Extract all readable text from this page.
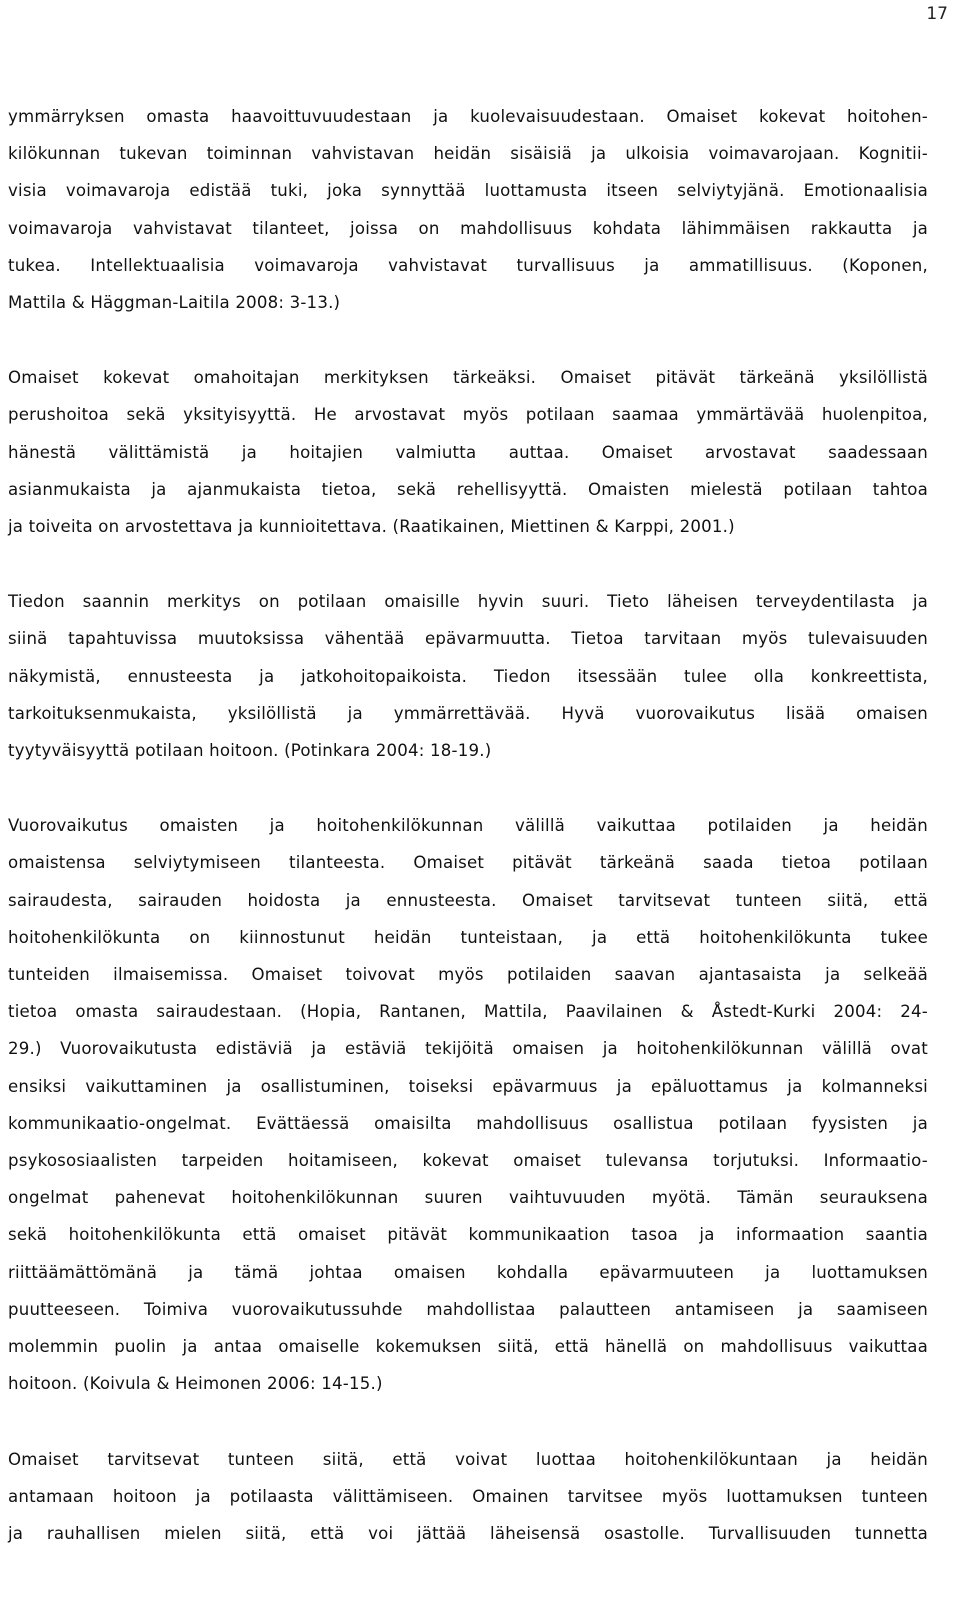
17

ymmärryksen omasta haavoittuvuudestaan ja kuolevaisuudestaan. Omaiset kokevat hoitohen-
kilökunnan tukevan toiminnan vahvistavan heidän sisäisiä ja ulkoisia voimavarojaan. Kognitii-
visia voimavaroja edistää tuki, joka synnyttää luottamusta itseen selviytyjänä. Emotionaalisia
voimavaroja vahvistavat tilanteet, joissa on mahdollisuus kohdata lähimmäisen rakkautta ja
tukea. Intellektuaalisia voimavaroja vahvistavat turvallisuus ja ammatillisuus. (Koponen,
Mattila & Häggman-Laitila 2008: 3-13.)

Omaiset kokevat omahoitajan merkityksen tärkeäksi. Omaiset pitävät tärkeänä yksilöllistä
perushoitoa sekä yksityisyyttä. He arvostavat myös potilaan saamaa ymmärtävää huolenpitoa,
hänestä välittämistä ja hoitajien valmiutta auttaa. Omaiset arvostavat saadessaan
asianmukaista ja ajanmukaista tietoa, sekä rehellisyyttä. Omaisten mielestä potilaan tahtoa
ja toiveita on arvostettava ja kunnioitettava. (Raatikainen, Miettinen & Karppi, 2001.)

Tiedon saannin merkitys on potilaan omaisille hyvin suuri. Tieto läheisen terveydentilasta ja
siinä tapahtuvissa muutoksissa vähentää epävarmuutta. Tietoa tarvitaan myös tulevaisuuden
näkymistä, ennusteesta ja jatkohoitopaikoista. Tiedon itsessään tulee olla konkreettista,
tarkoituksenmukaista, yksilöllistä ja ymmärrettävää. Hyvä vuorovaikutus lisää omaisen
tyytyväisyyttä potilaan hoitoon. (Potinkara 2004: 18-19.)

Vuorovaikutus omaisten ja hoitohenkilökunnan välillä vaikuttaa potilaiden ja heidän
omaistensa selviytymiseen tilanteesta. Omaiset pitävät tärkeänä saada tietoa potilaan
sairaudesta, sairauden hoidosta ja ennusteesta. Omaiset tarvitsevat tunteen siitä, että
hoitohenkilökunta on kiinnostunut heidän tunteistaan, ja että hoitohenkilökunta tukee
tunteiden ilmaisemissa. Omaiset toivovat myös potilaiden saavan ajantasaista ja selkeää
tietoa omasta sairaudestaan. (Hopia, Rantanen, Mattila, Paavilainen & Åstedt-Kurki 2004: 24-
29.) Vuorovaikutusta edistäviä ja estäviä tekijöitä omaisen ja hoitohenkilökunnan välillä ovat
ensiksi vaikuttaminen ja osallistuminen, toiseksi epävarmuus ja epäluottamus ja kolmanneksi
kommunikaatio-ongelmat. Evättäessä omaisilta mahdollisuus osallistua potilaan fyysisten ja
psykososiaalisten tarpeiden hoitamiseen, kokevat omaiset tulevansa torjutuksi. Informaatio-
ongelmat pahenevat hoitohenkilökunnan suuren vaihtuvuuden myötä. Tämän seurauksena
sekä hoitohenkilökunta että omaiset pitävät kommunikaation tasoa ja informaation saantia
riittäämättömänä ja tämä johtaa omaisen kohdalla epävarmuuteen ja luottamuksen
puutteeseen. Toimiva vuorovaikutussuhde mahdollistaa palautteen antamiseen ja saamiseen
molemmin puolin ja antaa omaiselle kokemuksen siitä, että hänellä on mahdollisuus vaikuttaa
hoitoon. (Koivula & Heimonen 2006: 14-15.)

Omaiset tarvitsevat tunteen siitä, että voivat luottaa hoitohenkilökuntaan ja heidän
antamaan hoitoon ja potilaasta välittämiseen. Omainen tarvitsee myös luottamuksen tunteen
ja rauhallisen mielen siitä, että voi jättää läheisensä osastolle. Turvallisuuden tunnetta
